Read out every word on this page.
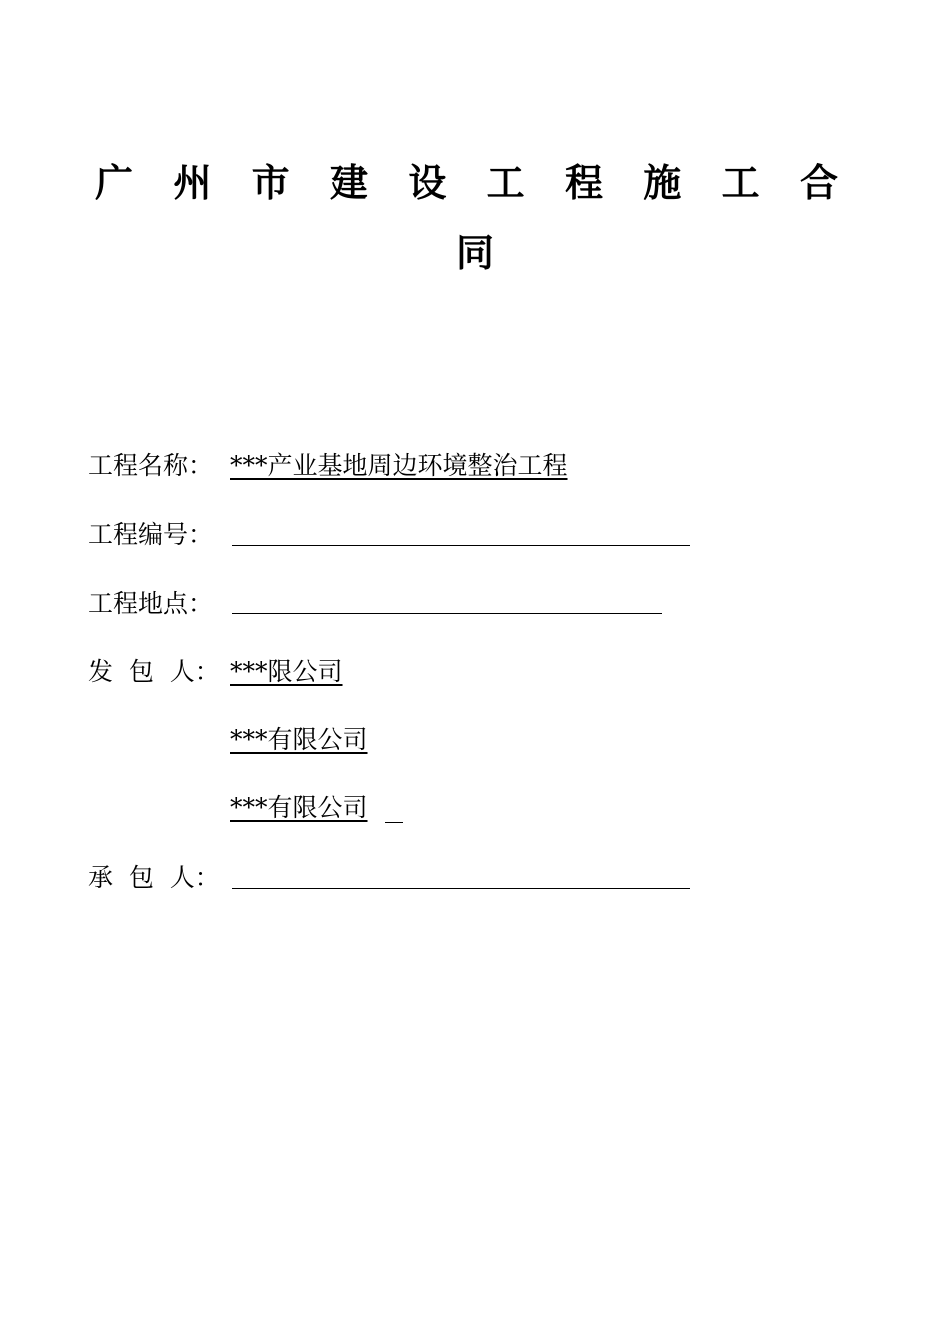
广 州 市 建 设 工 程 施 工 合
同
工程名称： ***产业基地周边环境整治工程
工程编号：
工程地点：
发  包  人： ***限公司
***有限公司
***有限公司
承  包  人：
